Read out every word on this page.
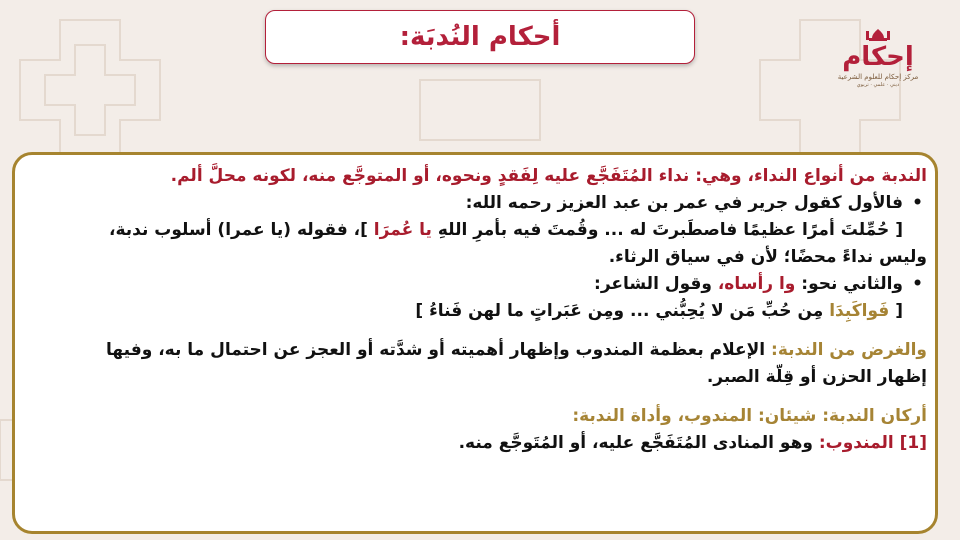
أحكام النُدبَة:
إحكام
مركز إحكام للعلوم الشرعية
ديني · علمي · تربوي
الندبة من أنواع النداء، وهي: نداء المُتَفَجَّع عليه لِفَقدٍ ونحوه، أو المتوجَّع منه، لكونه محلَّ ألم.
•
فالأول كقول جرير في عمر بن عبد العزيز رحمه الله:
[ حُمِّلتَ أمرًا عظيمًا فاصطَبرتَ له ... وقُمتَ فيه بأمرِ اللهِ يا عُمرَا ]، فقوله (يا عمرا) أسلوب ندبة،
وليس نداءً محضًا؛ لأن في سياق الرثاء.
•
والثاني نحو: وا رأساه، وقول الشاعر:
[ فَواكَبِدَا مِن حُبِّ مَن لا يُحِبُّني ... ومِن عَبَراتٍ ما لهن فَناءُ ]
والغرض من الندبة: الإعلام بعظمة المندوب وإظهار أهميته أو شدَّته أو العجز عن احتمال ما به، وفيها
إظهار الحزن أو قِلَّة الصبر.
أركان الندبة: شيئان: المندوب، وأداة الندبة:
[1] المندوب: وهو المنادى المُتَفَجَّع عليه، أو المُتَوجَّع منه.
